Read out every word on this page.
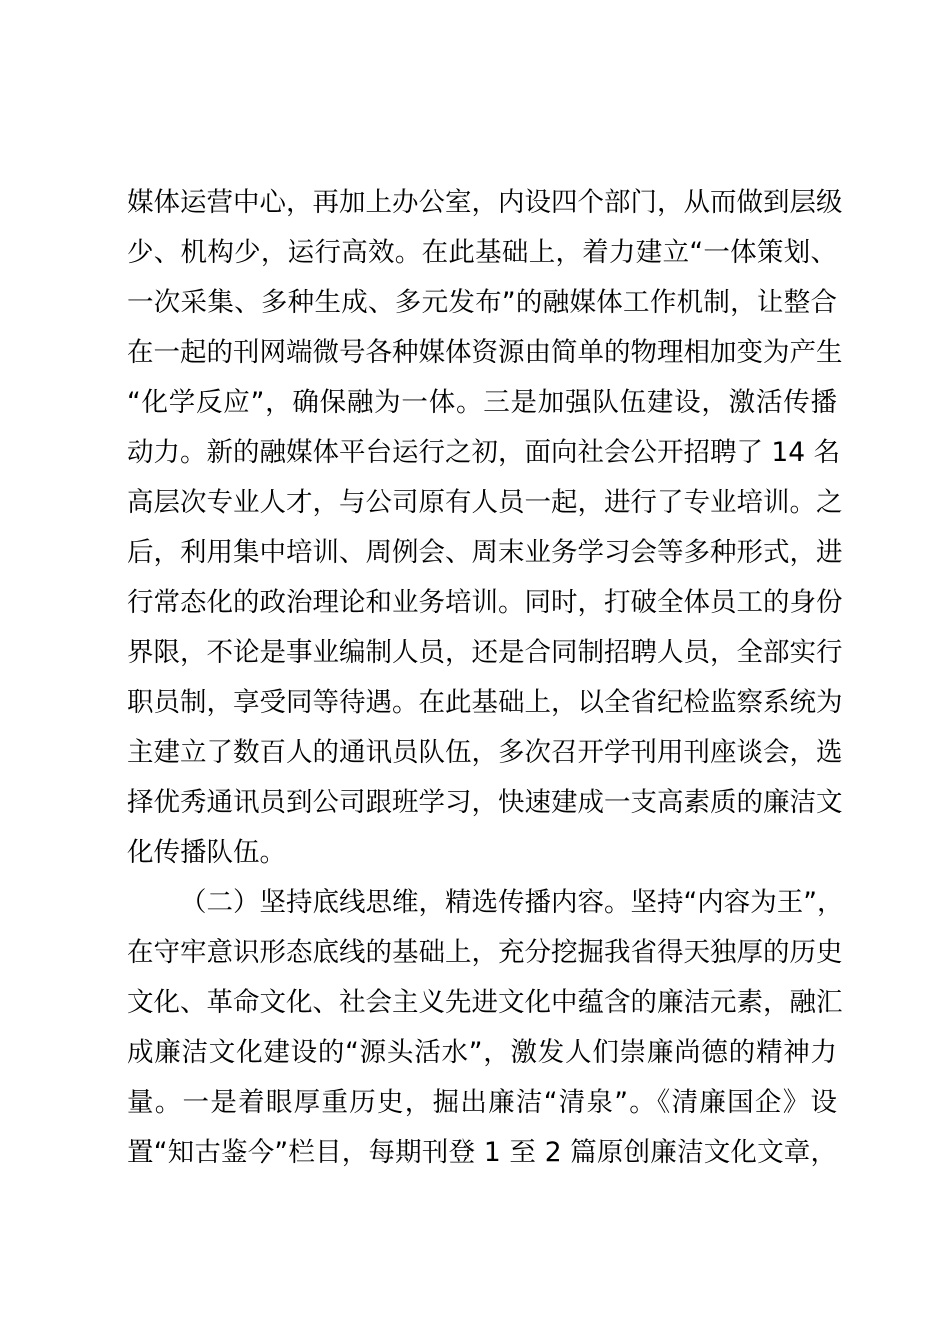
媒体运营中心，再加上办公室，内设四个部门，从而做到层级
少、机构少，运行高效。在此基础上，着力建立“一体策划、
一次采集、多种生成、多元发布”的融媒体工作机制，让整合
在一起的刊网端微号各种媒体资源由简单的物理相加变为产生
“化学反应”，确保融为一体。三是加强队伍建设，激活传播
动力。新的融媒体平台运行之初，面向社会公开招聘了 14 名
高层次专业人才，与公司原有人员一起，进行了专业培训。之
后，利用集中培训、周例会、周末业务学习会等多种形式，进
行常态化的政治理论和业务培训。同时，打破全体员工的身份
界限，不论是事业编制人员，还是合同制招聘人员，全部实行
职员制，享受同等待遇。在此基础上，以全省纪检监察系统为
主建立了数百人的通讯员队伍，多次召开学刊用刊座谈会，选
择优秀通讯员到公司跟班学习，快速建成一支高素质的廉洁文
化传播队伍。
（二）坚持底线思维，精选传播内容。坚持“内容为王”，
在守牢意识形态底线的基础上，充分挖掘我省得天独厚的历史
文化、革命文化、社会主义先进文化中蕴含的廉洁元素，融汇
成廉洁文化建设的“源头活水”，激发人们崇廉尚德的精神力
量。一是着眼厚重历史，掘出廉洁“清泉”。《清廉国企》设
置“知古鉴今”栏目，每期刊登 1 至 2 篇原创廉洁文化文章，
